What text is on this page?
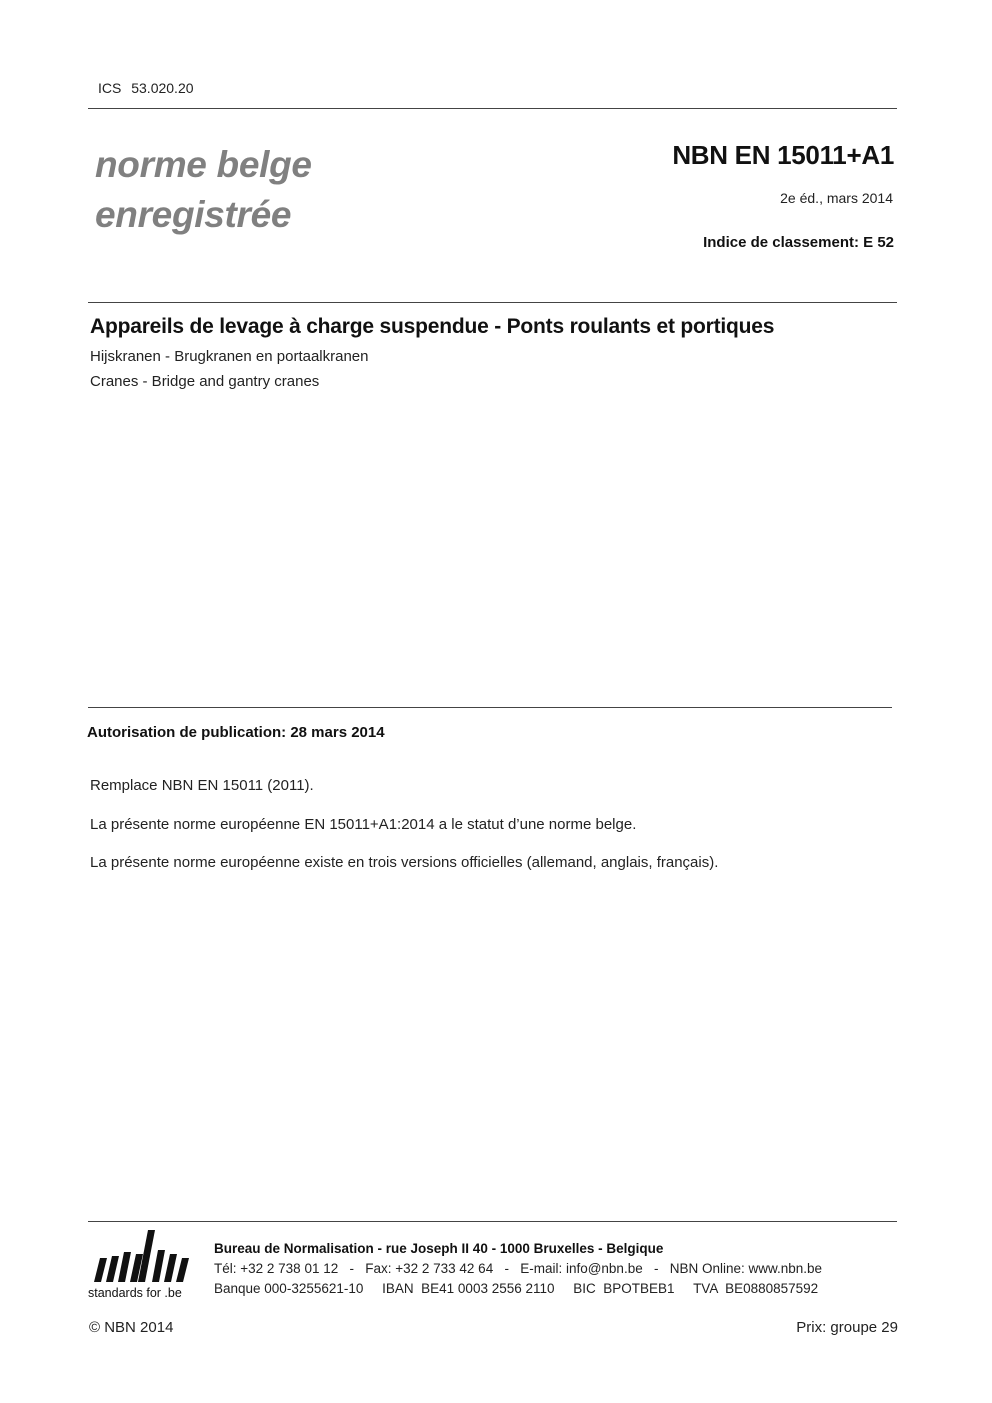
ICS 53.020.20
norme belge
enregistrée
NBN EN 15011+A1
2e éd., mars 2014
Indice de classement: E 52
Appareils de levage à charge suspendue - Ponts roulants et portiques
Hijskranen - Brugkranen en portaalkranen
Cranes - Bridge and gantry cranes
Autorisation de publication: 28 mars 2014
Remplace NBN EN 15011 (2011).
La présente norme européenne EN 15011+A1:2014 a le statut d’une norme belge.
La présente norme européenne existe en trois versions officielles (allemand, anglais, français).
standards for .be
Bureau de Normalisation - rue Joseph II 40 - 1000 Bruxelles - Belgique
Tél: +32 2 738 01 12   -   Fax: +32 2 733 42 64   -   E-mail: info@nbn.be   -   NBN Online: www.nbn.be
Banque 000-3255621-10     IBAN  BE41 0003 2556 2110     BIC  BPOTBEB1     TVA  BE0880857592
© NBN 2014	Prix: groupe 29
